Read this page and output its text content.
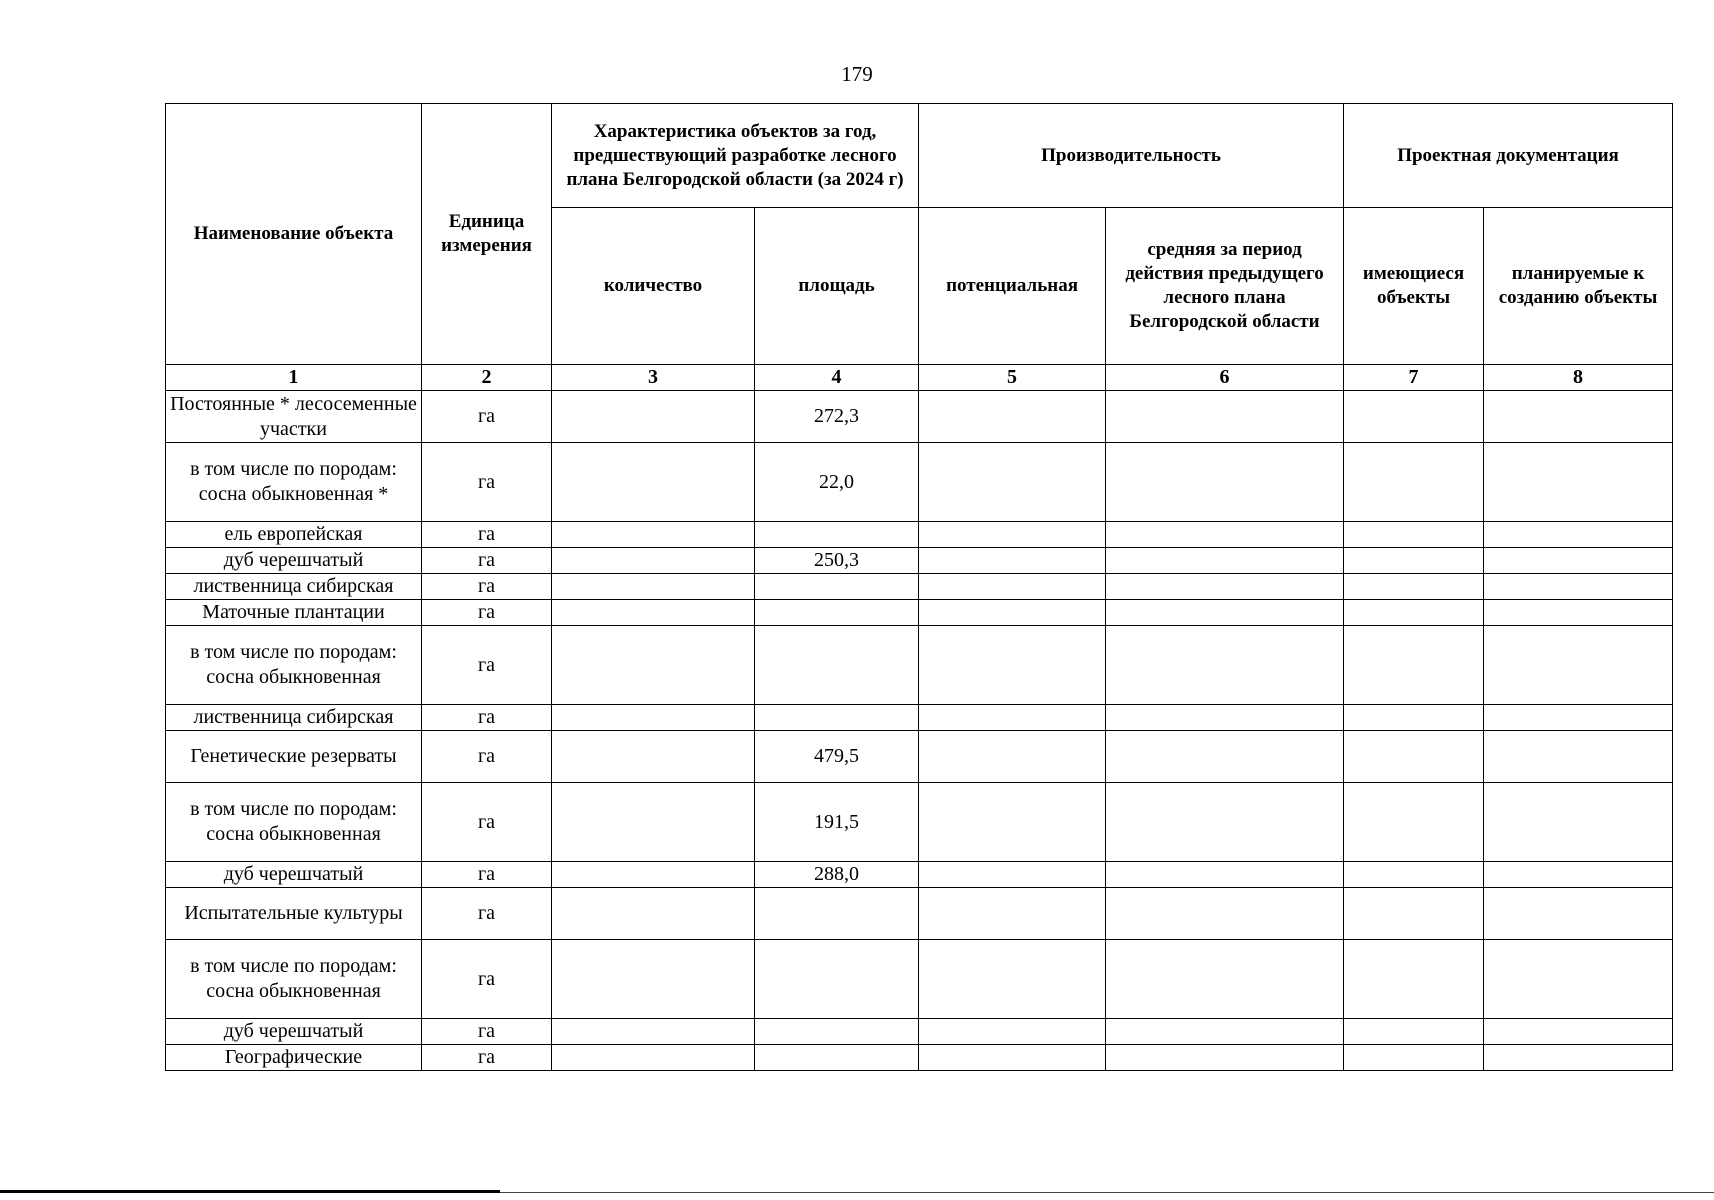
179
Наименование объекта	Единица измерения	Характеристика объектов за год, предшествующий разработке лесного плана Белгородской области (за 2024 г)		Производительность		Проектная документация	
		количество	площадь	потенциальная	средняя за период действия предыдущего лесного плана Белгородской области	имеющиеся объекты	планируемые к созданию объекты
1	2	3	4	5	6	7	8
Постоянные * лесосеменные участки	га		272,3				
в том числе по породам: сосна обыкновенная *	га		22,0				
ель европейская	га						
дуб черешчатый	га		250,3				
лиственница сибирская	га						
Маточные плантации	га						
в том числе по породам: сосна обыкновенная	га						
лиственница сибирская	га						
Генетические резерваты	га		479,5				
в том числе по породам: сосна обыкновенная	га		191,5				
дуб черешчатый	га		288,0				
Испытательные культуры	га						
в том числе по породам: сосна обыкновенная	га						
дуб черешчатый	га						
Географические	га						
